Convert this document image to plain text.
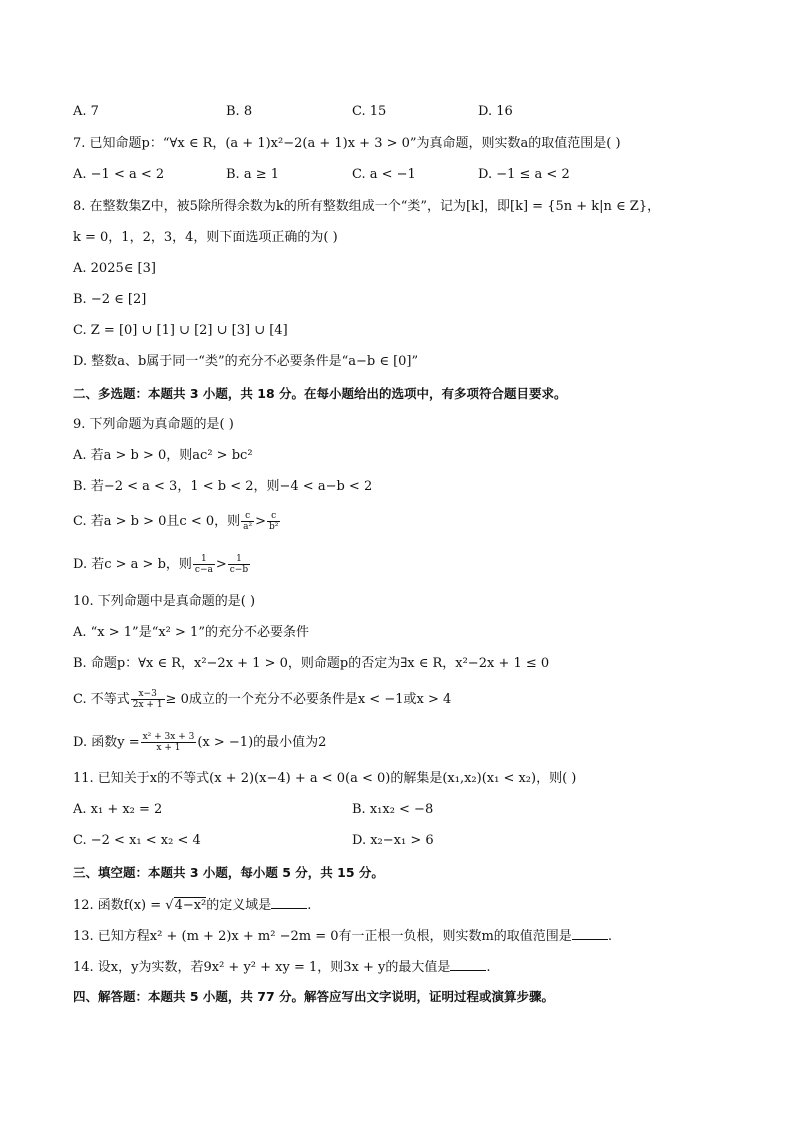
A. 7	B. 8	C. 15	D. 16
7. 已知命题p：“∀x ∈ R，(a + 1)x²−2(a + 1)x + 3 > 0”为真命题，则实数a的取值范围是( )
A. −1 < a < 2	B. a ≥ 1	C. a < −1	D. −1 ≤ a < 2
8. 在整数集Z中，被5除所得余数为k的所有整数组成一个“类”，记为[k]，即[k] = {5n + k|n ∈ Z}，
k = 0，1，2，3，4，则下面选项正确的为( )
A. 2025∈ [3]
B. −2 ∈ [2]
C. Z = [0] ∪ [1] ∪ [2] ∪ [3] ∪ [4]
D. 整数a、b属于同一“类”的充分不必要条件是“a−b ∈ [0]”
二、多选题：本题共 3 小题，共 18 分。在每小题给出的选项中，有多项符合题目要求。
9. 下列命题为真命题的是( )
A. 若a > b > 0，则ac² > bc²
B. 若−2 < a < 3，1 < b < 2，则−4 < a−b < 2
C. 若a > b > 0且c < 0，则 $\frac{c}{\text{a²}} > \frac{c}{\text{b²}}$
D. 若c > a > b，则 $\frac{1}{c-a} > \frac{1}{c-b}$
10. 下列命题中是真命题的是( )
A. “x > 1”是“x² > 1”的充分不必要条件
B. 命题p：∀x ∈ R，x²−2x + 1 > 0，则命题p的否定为∃x ∈ R，x²−2x + 1 ≤ 0
C. 不等式 $\frac{x-3}{2x + 1} \ge 0$成立的一个充分不必要条件是x < −1或x > 4
D. 函数$y = \frac{\text{x² + 3x + 3}}{x + 1} (x > -1)$的最小值为2
11. 已知关于x的不等式(x + 2)(x−4) + a < 0(a < 0)的解集是(x₁,x₂)(x₁ < x₂)，则( )
A. x₁ + x₂ = 2	B. x₁x₂ < −8
C. −2 < x₁ < x₂ < 4	D. x₂−x₁ > 6
三、填空题：本题共 3 小题，每小题 5 分，共 15 分。
12. 函数f(x) = √4−x²的定义域是	.
13. 已知方程x² + (m + 2)x + m² −2m = 0有一正根一负根，则实数m的取值范围是	.
14. 设x，y为实数，若9x² + y² + xy = 1，则3x + y的最大值是	.
四、解答题：本题共 5 小题，共 77 分。解答应写出文字说明，证明过程或演算步骤。
